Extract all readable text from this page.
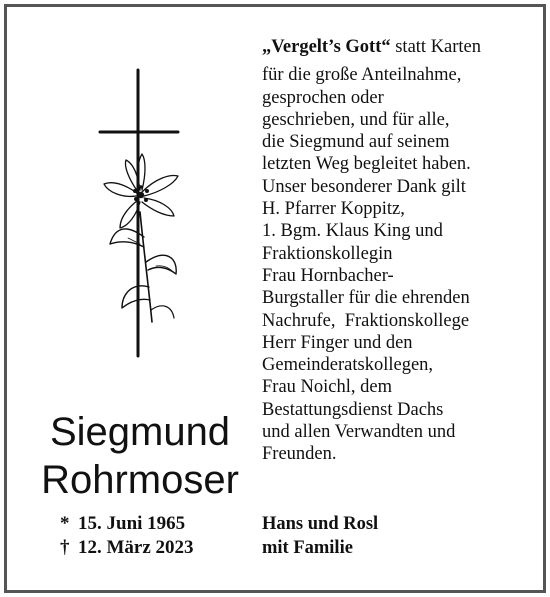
Siegmund
Rohrmoser
* 15. Juni 1965
† 12. März 2023
„Vergelt’s Gott“ statt Karten
für die große Anteilnahme,
gesprochen oder
geschrieben, und für alle,
die Siegmund auf seinem
letzten Weg begleitet haben.
Unser besonderer Dank gilt
H. Pfarrer Koppitz,
1. Bgm. Klaus King und
Fraktionskollegin
Frau Hornbacher-
Burgstaller für die ehrenden
Nachrufe,  Fraktionskollege
Herr Finger und den
Gemeinderatskollegen,
Frau Noichl, dem
Bestattungsdienst Dachs
und allen Verwandten und
Freunden.
Hans und Rosl
mit Familie
